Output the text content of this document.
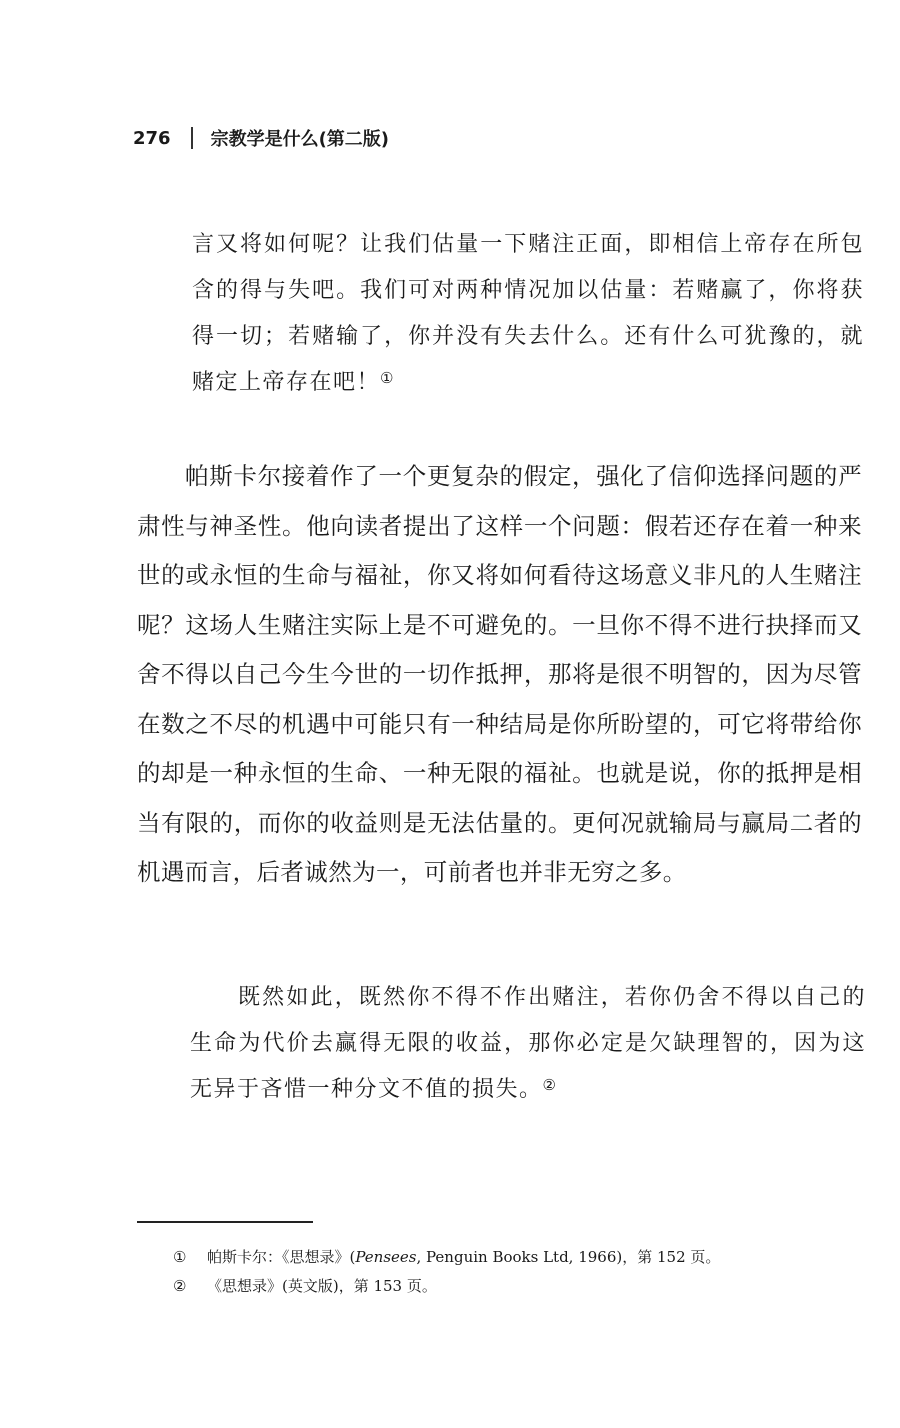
276 宗教学是什么(第二版)

言又将如何呢？让我们估量一下赌注正面，即相信上帝存在所包含的得与失吧。我们可对两种情况加以估量：若赌赢了，你将获得一切；若赌输了，你并没有失去什么。还有什么可犹豫的，就赌定上帝存在吧！①

帕斯卡尔接着作了一个更复杂的假定，强化了信仰选择问题的严肃性与神圣性。他向读者提出了这样一个问题：假若还存在着一种来世的或永恒的生命与福祉，你又将如何看待这场意义非凡的人生赌注呢？这场人生赌注实际上是不可避免的。一旦你不得不进行抉择而又舍不得以自己今生今世的一切作抵押，那将是很不明智的，因为尽管在数之不尽的机遇中可能只有一种结局是你所盼望的，可它将带给你的却是一种永恒的生命、一种无限的福祉。也就是说，你的抵押是相当有限的，而你的收益则是无法估量的。更何况就输局与赢局二者的机遇而言，后者诚然为一，可前者也并非无穷之多。

既然如此，既然你不得不作出赌注，若你仍舍不得以自己的生命为代价去赢得无限的收益，那你必定是欠缺理智的，因为这无异于吝惜一种分文不值的损失。②

①	帕斯卡尔：《思想录》( Pensees , Penguin Books Ltd, 1966)，第 152 页。
②	《思想录》(英文版)，第 153 页。
